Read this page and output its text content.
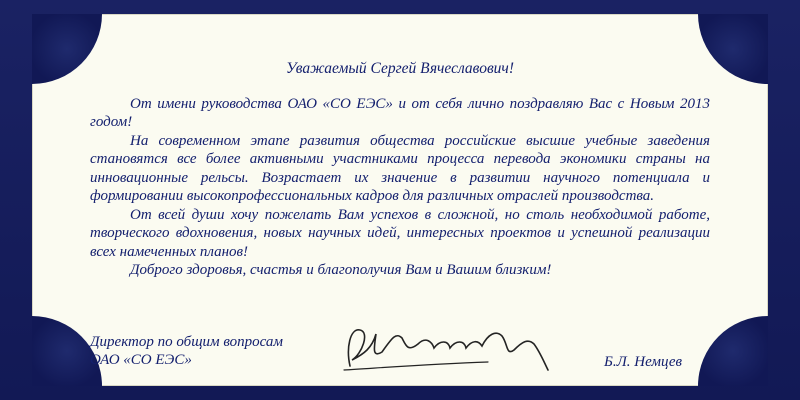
Уважаемый Сергей Вячеславович!

От имени руководства ОАО «СО ЕЭС» и от себя лично поздравляю Вас с Новым 2013 годом!

На современном этапе развития общества российские высшие учебные заведения становятся все более активными участниками процесса перевода экономики страны на инновационные рельсы. Возрастает их значение в развитии научного потенциала и формировании высокопрофессиональных кадров для различных отраслей производства.

От всей души хочу пожелать Вам успехов в сложной, но столь необходимой работе, творческого вдохновения, новых научных идей, интересных проектов и успешной реализации всех намеченных планов!

Доброго здоровья, счастья и благополучия Вам и Вашим близким!

Директор по общим вопросам
ОАО «СО ЕЭС»	Б.Л. Немцев
